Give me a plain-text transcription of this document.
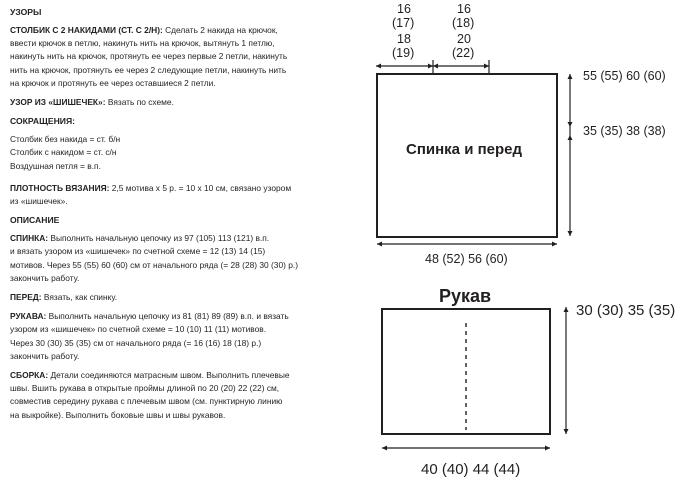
УЗОРЫ

СТОЛБИК С 2 НАКИДАМИ (СТ. С 2/Н): Сделать 2 накида на крючок,
ввести крючок в петлю, накинуть нить на крючок, вытянуть 1 петлю,
накинуть нить на крючок, протянуть ее через первые 2 петли, накинуть
нить на крючок, протянуть ее через 2 следующие петли, накинуть нить
на крючок и протянуть ее через оставшиеся 2 петли.

УЗОР ИЗ «ШИШЕЧЕК»: Вязать по схеме.

СОКРАЩЕНИЯ:

Столбик без накида = ст. б/н
Столбик с накидом = ст. с/н
Воздушная петля = в.п.

ПЛОТНОСТЬ ВЯЗАНИЯ: 2,5 мотива x 5 р. = 10 x 10 см, связано узором
из «шишечек».

ОПИСАНИЕ

СПИНКА: Выполнить начальную цепочку из 97 (105) 113 (121) в.п.
и вязать узором из «шишечек» по счетной схеме = 12 (13) 14 (15)
мотивов. Через 55 (55) 60 (60) см от начального ряда (= 28 (28) 30 (30) р.)
закончить работу.

ПЕРЕД: Вязать, как спинку.

РУКАВА: Выполнить начальную цепочку из 81 (81) 89 (89) в.п. и вязать
узором из «шишечек» по счетной схеме = 10 (10) 11 (11) мотивов.
Через 30 (30) 35 (35) см от начального ряда (= 16 (16) 18 (18) р.)
закончить работу.

СБОРКА: Детали соединяются матрасным швом. Выполнить плечевые
швы. Вшить рукава в открытые проймы длиной по 20 (20) 22 (22) см,
совместив середину рукава с плечевым швом (см. пунктирную линию
на выкройке). Выполнить боковые швы и швы рукавов.

16
(17)
18
(19)
16
(18)
20
(22)
55 (55) 60 (60)
35 (35) 38 (38)
Спинка и перед
48 (52) 56 (60)
Рукав
30 (30) 35 (35)
40 (40) 44 (44)
